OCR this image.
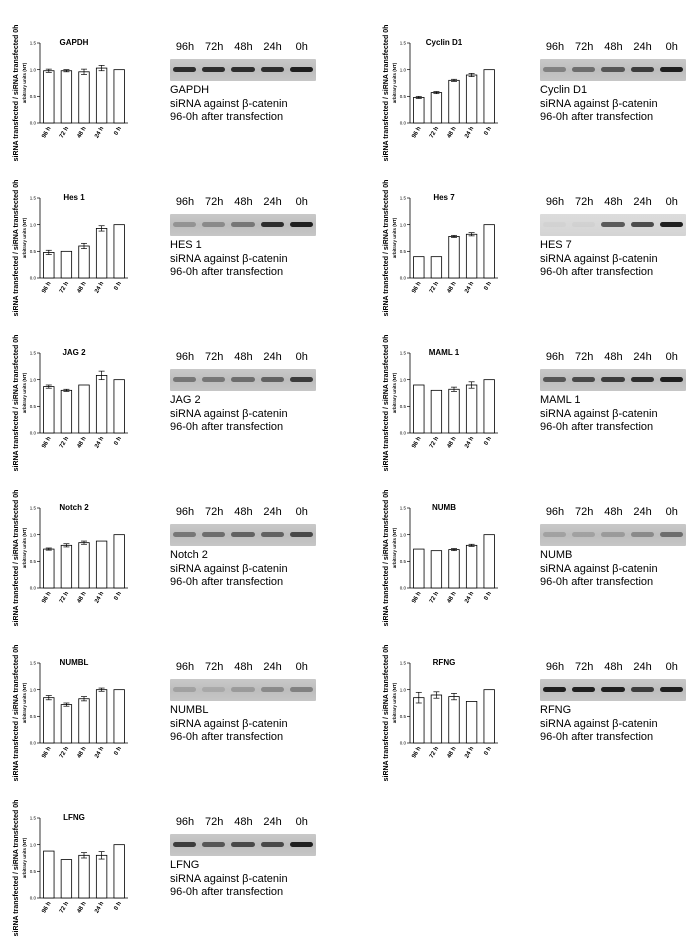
siRNA transfected / siRNA transfected 0h arbitrary units (NT)
GAPDH
0.0
0.5
1.0
1.5
96 h 72 h 48 h 24 h 0 h
96h 72h 48h 24h	0h
GAPDH
siRNA against β-catenin
96-0h after transfection	siRNA transfected / siRNA transfected 0h arbitrary units (NT)
Cyclin D1
0.0
0.5
1.0
1.5
96 h 72 h 48 h 24 h 0 h
96h 72h 48h 24h	0h
Cyclin D1
siRNA against β-catenin
96-0h after transfection
siRNA transfected / siRNA transfected 0h arbitrary units (NT)
Hes 1
0.0
0.5
1.0
1.5
96 h 72 h 48 h 24 h 0 h
96h 72h 48h 24h	0h
HES 1
siRNA against β-catenin
96-0h after transfection	siRNA transfected / siRNA transfected 0h arbitrary units (NT)
Hes 7
0.0
0.5
1.0
1.5
96 h 72 h 48 h 24 h 0 h
96h 72h 48h 24h	0h
HES 7
siRNA against β-catenin
96-0h after transfection
siRNA transfected / siRNA transfected 0h arbitrary units (NT)
JAG 2
0.0
0.5
1.0
1.5
96 h 72 h 48 h 24 h 0 h
96h 72h 48h 24h	0h
JAG 2
siRNA against β-catenin
96-0h after transfection	siRNA transfected / siRNA transfected 0h arbitrary units (NT)
MAML 1
0.0
0.5
1.0
1.5
96 h 72 h 48 h 24 h 0 h
96h 72h 48h 24h	0h
MAML 1
siRNA against β-catenin
96-0h after transfection
siRNA transfected / siRNA transfected 0h arbitrary units (NT)
Notch 2
0.0
0.5
1.0
1.5
96 h 72 h 48 h 24 h 0 h
96h 72h 48h 24h	0h
Notch 2
siRNA against β-catenin
96-0h after transfection	siRNA transfected / siRNA transfected 0h arbitrary units (NT)
NUMB
0.0
0.5
1.0
1.5
96 h 72 h 48 h 24 h 0 h
96h 72h 48h 24h	0h
NUMB
siRNA against β-catenin
96-0h after transfection
siRNA transfected / siRNA transfected 0h arbitrary units (NT)
NUMBL
0.0
0.5
1.0
1.5
96 h 72 h 48 h 24 h 0 h
96h 72h 48h 24h	0h
NUMBL
siRNA against β-catenin
96-0h after transfection	siRNA transfected / siRNA transfected 0h arbitrary units (NT)
RFNG
0.0
0.5
1.0
1.5
96 h 72 h 48 h 24 h 0 h
96h 72h 48h 24h	0h
RFNG
siRNA against β-catenin
96-0h after transfection
siRNA transfected / siRNA transfected 0h arbitrary units (NT)
LFNG
0.0
0.5
1.0
1.5
96 h 72 h 48 h 24 h 0 h
96h 72h 48h 24h	0h
LFNG
siRNA against β-catenin
96-0h after transfection
